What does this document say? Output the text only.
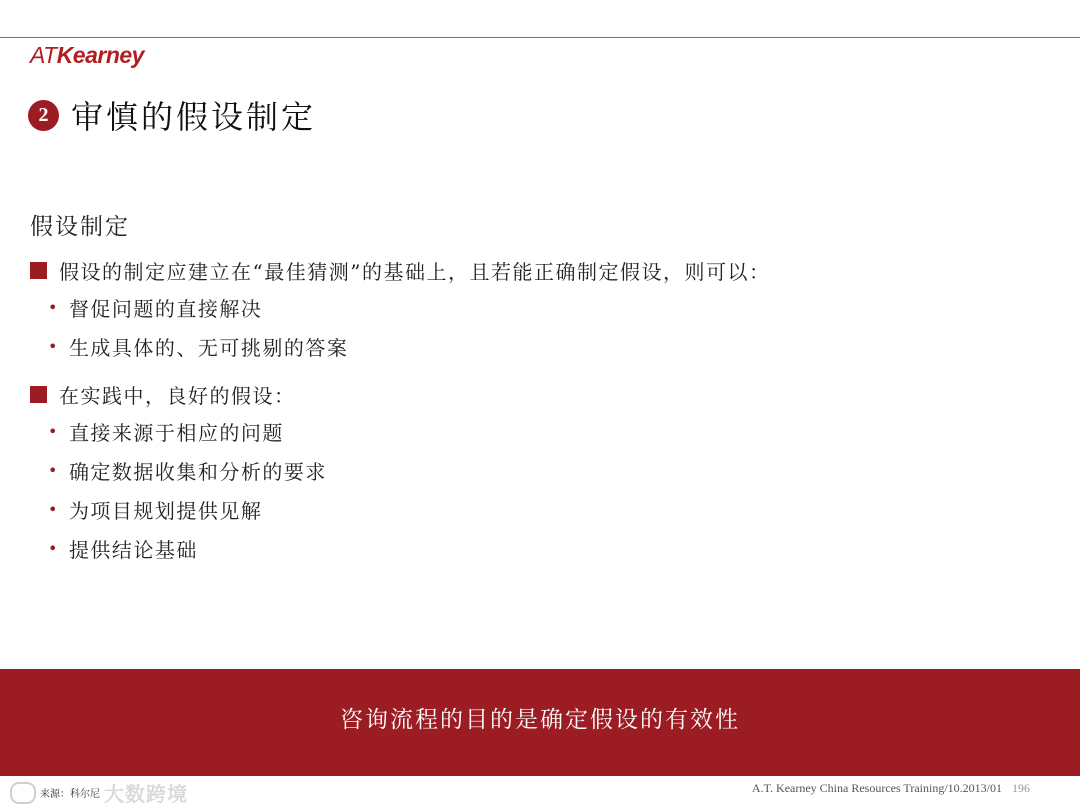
ATKearney
2 审慎的假设制定
假设制定
假设的制定应建立在“最佳猜测”的基础上，且若能正确制定假设，则可以：
• 督促问题的直接解决
• 生成具体的、无可挑剔的答案
在实践中，良好的假设：
• 直接来源于相应的问题
• 确定数据收集和分析的要求
• 为项目规划提供见解
• 提供结论基础
咨询流程的目的是确定假设的有效性
来源：科尔尼 大数跨境	A.T. Kearney China Resources Training/10.2013/01 196
